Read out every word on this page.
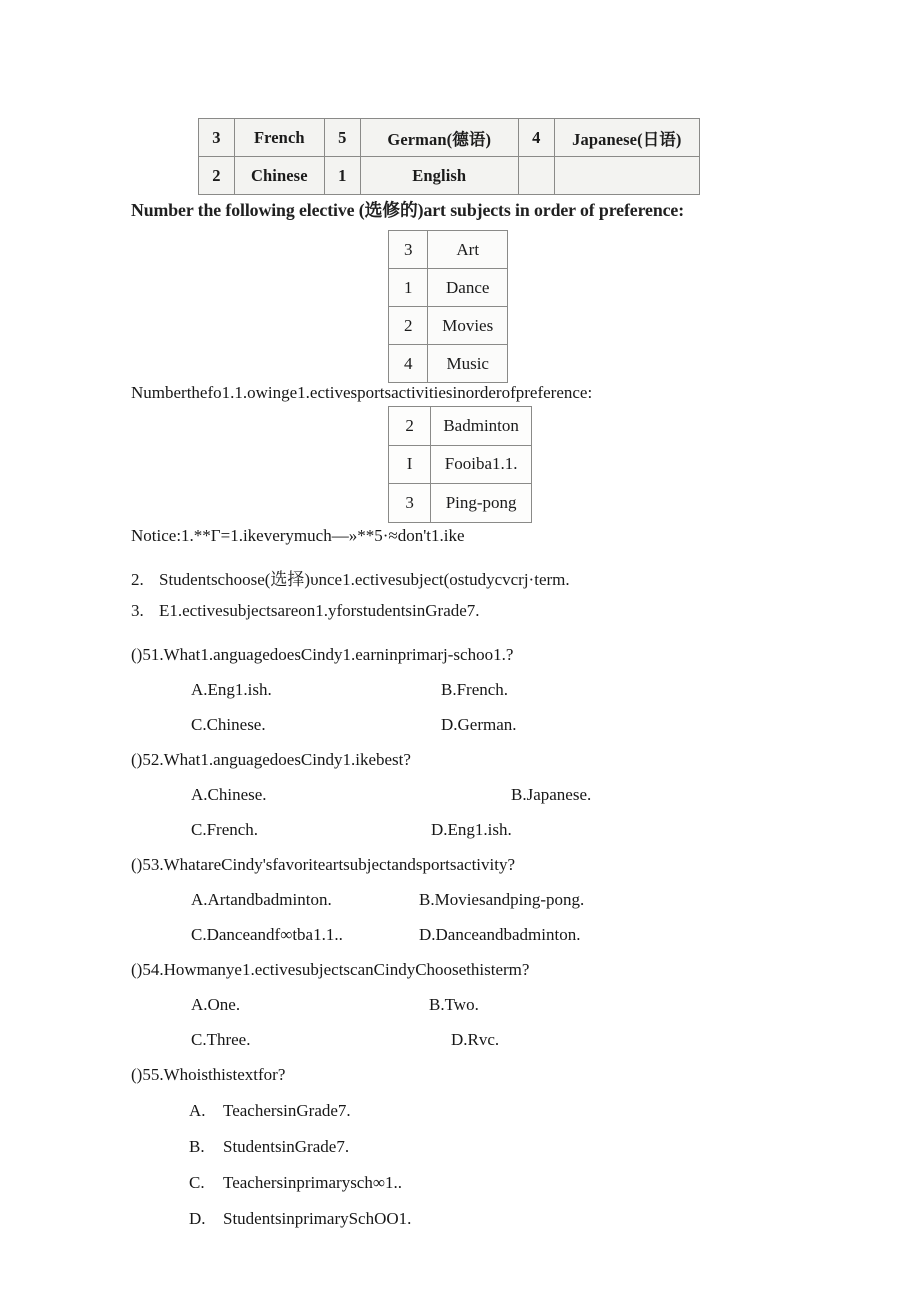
3	French	5	German(德语)	4	Japanese(日语)
2	Chinese	1	English		
Number the following elective (选修的)art subjects in order of preference:
3	Art
1	Dance
2	Movies
4	Music
Numberthefo1.1.owinge1.ectivesportsactivitiesinorderofpreference:
2	Badminton
I	Fooiba1.1.
3	Ping-pong
Notice:1.**Γ=1.ikeverymuch—»**5·≈don't1.ike
2. Studentschoose(选择)υnce1.ectivesubject(ostudycvcrj·term.
3. E1.ectivesubjectsareon1.yforstudentsinGrade7.
()51.What1.anguagedoesCindy1.earninprimarj-schoo1.?
A.Eng1.ish.	B.French.
C.Chinese.	D.German.
()52.What1.anguagedoesCindy1.ikebest?
A.Chinese.	B.Japanese.
C.French.	D.Eng1.ish.
()53.WhatareCindy'sfavoriteartsubjectandsportsactivity?
A.Artandbadminton.	B.Moviesandping-pong.
C.Danceandf∞tba1.1..	D.Danceandbadminton.
()54.Howmanye1.ectivesubjectscanCindyChoosethisterm?
A.One.	B.Two.
C.Three.	D.Rvc.
()55.Whoisthistextfor?
A. TeachersinGrade7.
B. StudentsinGrade7.
C. Teachersinprimarysch∞1..
D. StudentsinprimarySchOO1.
